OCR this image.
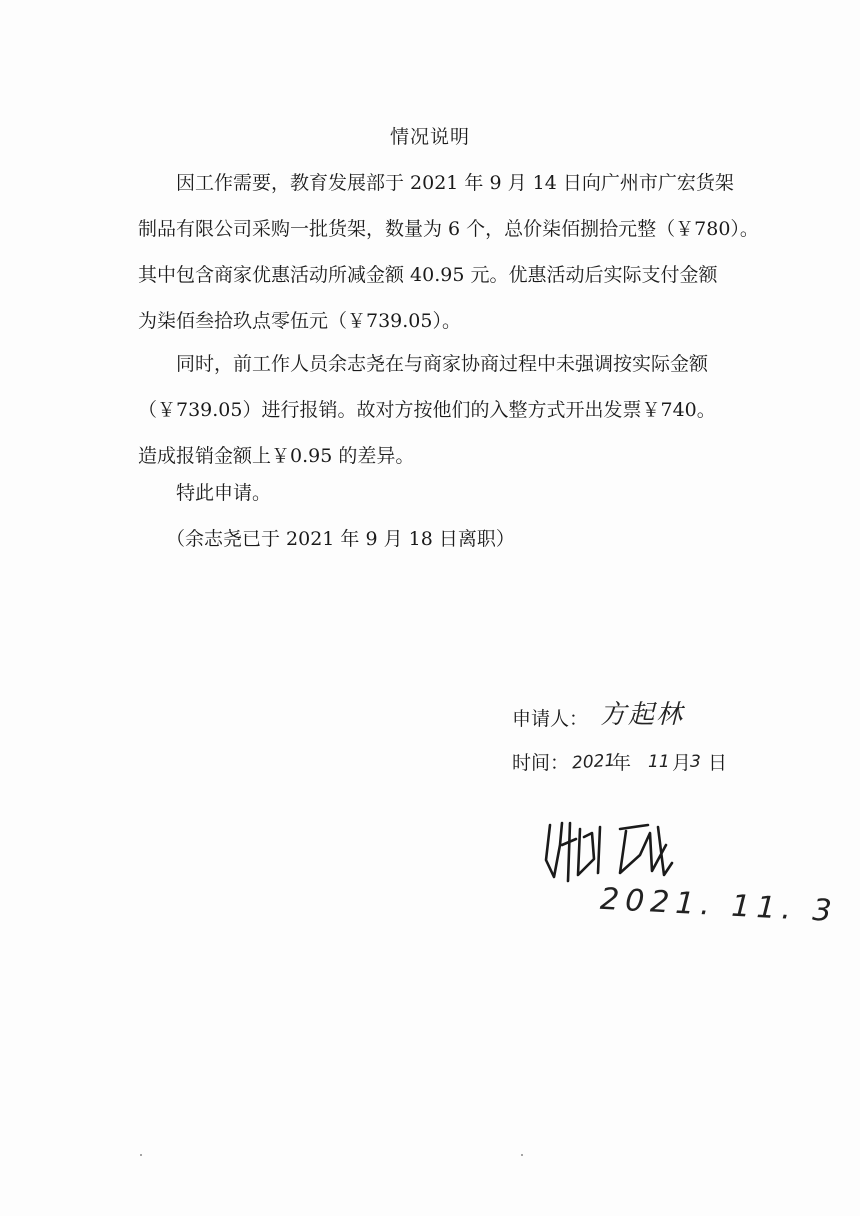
情况说明
因工作需要，教育发展部于 2021 年 9 月 14 日向广州市广宏货架
制品有限公司采购一批货架，数量为 6 个，总价柒佰捌拾元整（￥780）。
其中包含商家优惠活动所减金额 40.95 元。优惠活动后实际支付金额
为柒佰叁拾玖点零伍元（￥739.05）。
同时，前工作人员余志尧在与商家协商过程中未强调按实际金额
（￥739.05）进行报销。故对方按他们的入整方式开出发票￥740。
造成报销金额上￥0.95 的差异。
特此申请。
（余志尧已于 2021 年 9 月 18 日离职）
申请人： 方起林
时间： 2021
年 11 月
3 日
2021. 11. 3
